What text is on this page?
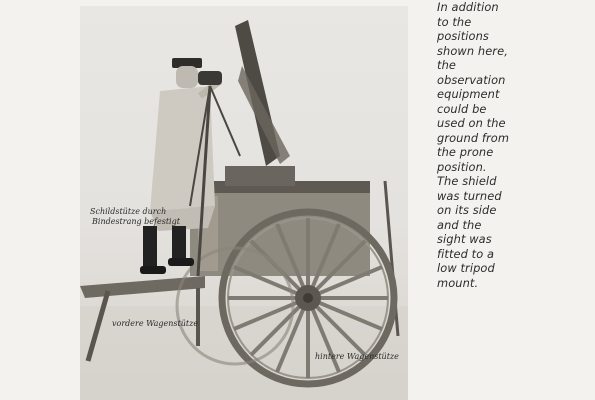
Schildstütze durch
Bindestrang befestigt
vordere Wagenstütze
hintere Wagenstütze
In addition
to the
positions
shown here,
the
observation
equipment
could be
used on the
ground from
the prone
position.
The shield
was turned
on its side
and the
sight was
fitted to a
low tripod
mount.
